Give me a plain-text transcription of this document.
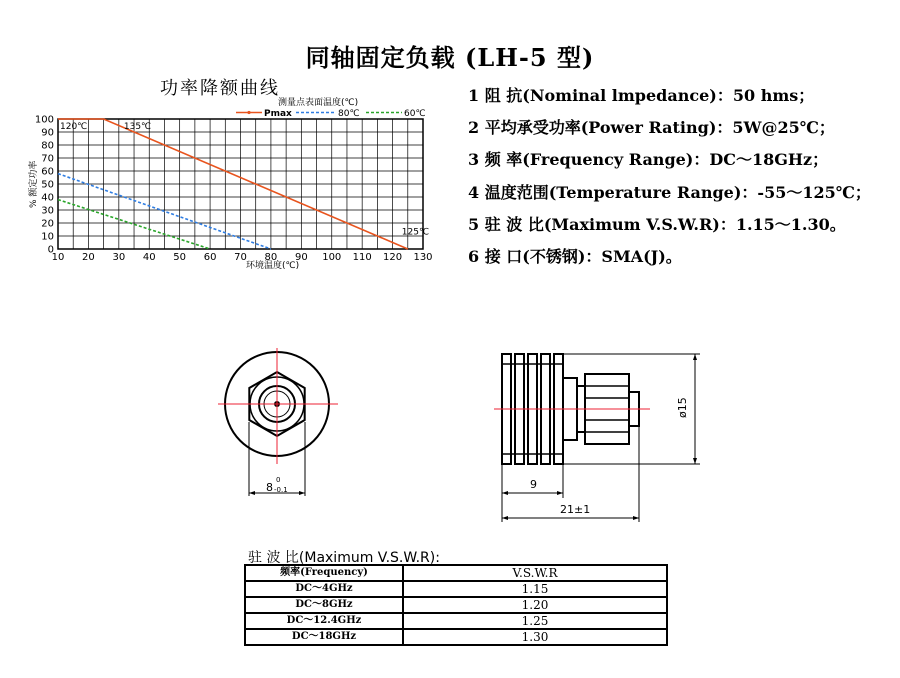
同轴固定负载 (LH-5 型)
功率降额曲线
10 20 30 40 50 60 70 80 90 100 110 120 130
0
10
20
30
40
50
60
70
80
90
100
测量点表面温度(℃)
Pmax	80℃	60℃
环境温度(℃)
% 额定功率
120℃	135℃
125℃
1 阻 抗(Nominal lmpedance)：50 hms；
2 平均承受功率(Power Rating)：5W@25℃；
3 频 率(Frequency Range)：DC～18GHz；
4 温度范围(Temperature Range)：-55～125℃；
5 驻 波 比(Maximum V.S.W.R)：1.15～1.30。
6 接 口(不锈钢)：SMA(J)。
8
0
-0.1
ø15
9
21±1
驻 波 比(Maximum V.S.W.R):
频率(Frequency)	V.S.W.R
DC～4GHz	1.15
DC～8GHz	1.20
DC～12.4GHz	1.25
DC～18GHz	1.30
